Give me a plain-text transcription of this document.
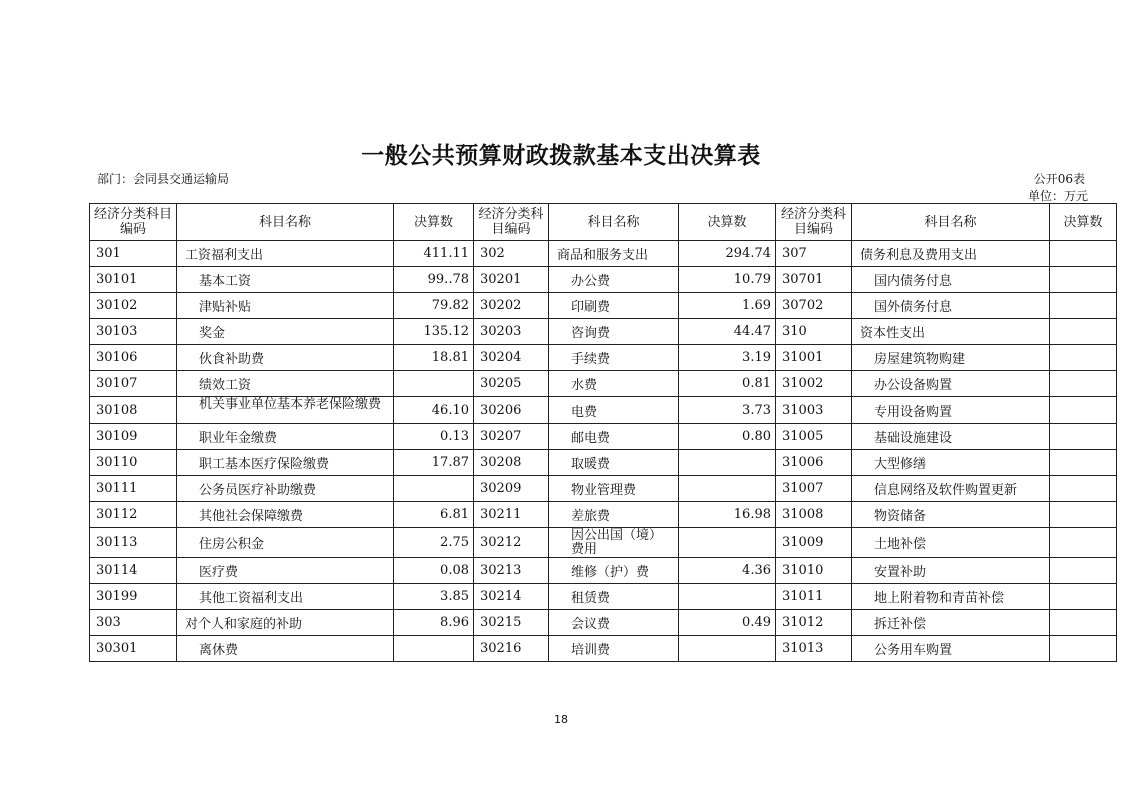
一般公共预算财政拨款基本支出决算表
部门：会同县交通运输局	公开06表
单位：万元
经济分类科目编码	科目名称	决算数	经济分类科目编码	科目名称	决算数	经济分类科目编码	科目名称	决算数
301	工资福利支出	411.11	302	商品和服务支出	294.74	307	债务利息及费用支出	
30101	基本工资	99..78	30201	办公费	10.79	30701	国内债务付息	
30102	津贴补贴	79.82	30202	印刷费	1.69	30702	国外债务付息	
30103	奖金	135.12	30203	咨询费	44.47	310	资本性支出	
30106	伙食补助费	18.81	30204	手续费	3.19	31001	房屋建筑物购建	
30107	绩效工资		30205	水费	0.81	31002	办公设备购置	
30108	机关事业单位基本养老保险缴费	46.10	30206	电费	3.73	31003	专用设备购置	
30109	职业年金缴费	0.13	30207	邮电费	0.80	31005	基础设施建设	
30110	职工基本医疗保险缴费	17.87	30208	取暖费		31006	大型修缮	
30111	公务员医疗补助缴费		30209	物业管理费		31007	信息网络及软件购置更新	
30112	其他社会保障缴费	6.81	30211	差旅费	16.98	31008	物资储备	
30113	住房公积金	2.75	30212	因公出国（境）费用		31009	土地补偿	
30114	医疗费	0.08	30213	维修（护）费	4.36	31010	安置补助	
30199	其他工资福利支出	3.85	30214	租赁费		31011	地上附着物和青苗补偿	
303	对个人和家庭的补助	8.96	30215	会议费	0.49	31012	拆迁补偿	
30301	离休费		30216	培训费		31013	公务用车购置	
18
